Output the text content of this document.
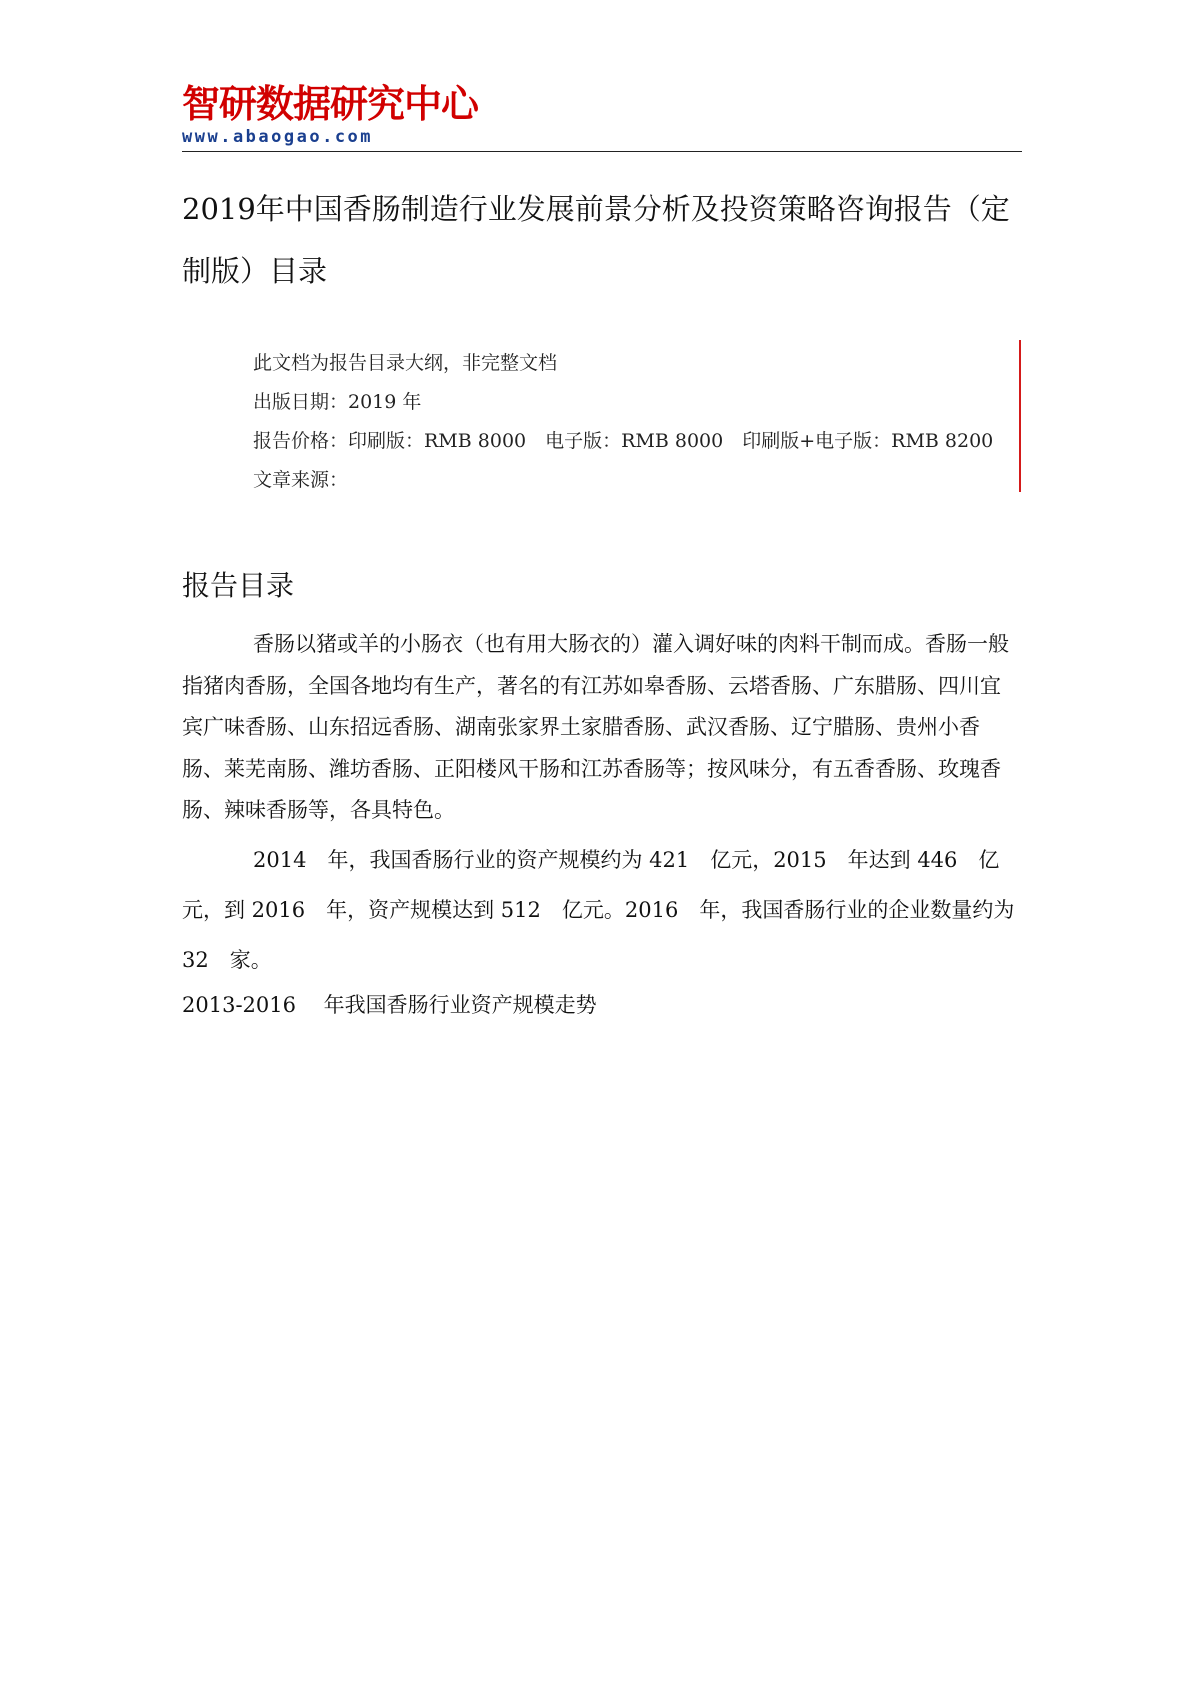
智研数据研究中心
www.abaogao.com
2019年中国香肠制造行业发展前景分析及投资策略咨询报告（定制版）目录
此文档为报告目录大纲，非完整文档
出版日期：2019 年
报告价格：印刷版：RMB 8000　电子版：RMB 8000　印刷版+电子版：RMB 8200
文章来源：
报告目录

香肠以猪或羊的小肠衣（也有用大肠衣的）灌入调好味的肉料干制而成。香肠一般指猪肉香肠，全国各地均有生产，著名的有江苏如皋香肠、云塔香肠、广东腊肠、四川宜宾广味香肠、山东招远香肠、湖南张家界土家腊香肠、武汉香肠、辽宁腊肠、贵州小香肠、莱芜南肠、潍坊香肠、正阳楼风干肠和江苏香肠等；按风味分，有五香香肠、玫瑰香肠、辣味香肠等，各具特色。

2014　年，我国香肠行业的资产规模约为 421　亿元，2015　年达到 446　亿元，到 2016　年，资产规模达到 512　亿元。2016　年，我国香肠行业的企业数量约为 32　家。

2013-2016　 年我国香肠行业资产规模走势
